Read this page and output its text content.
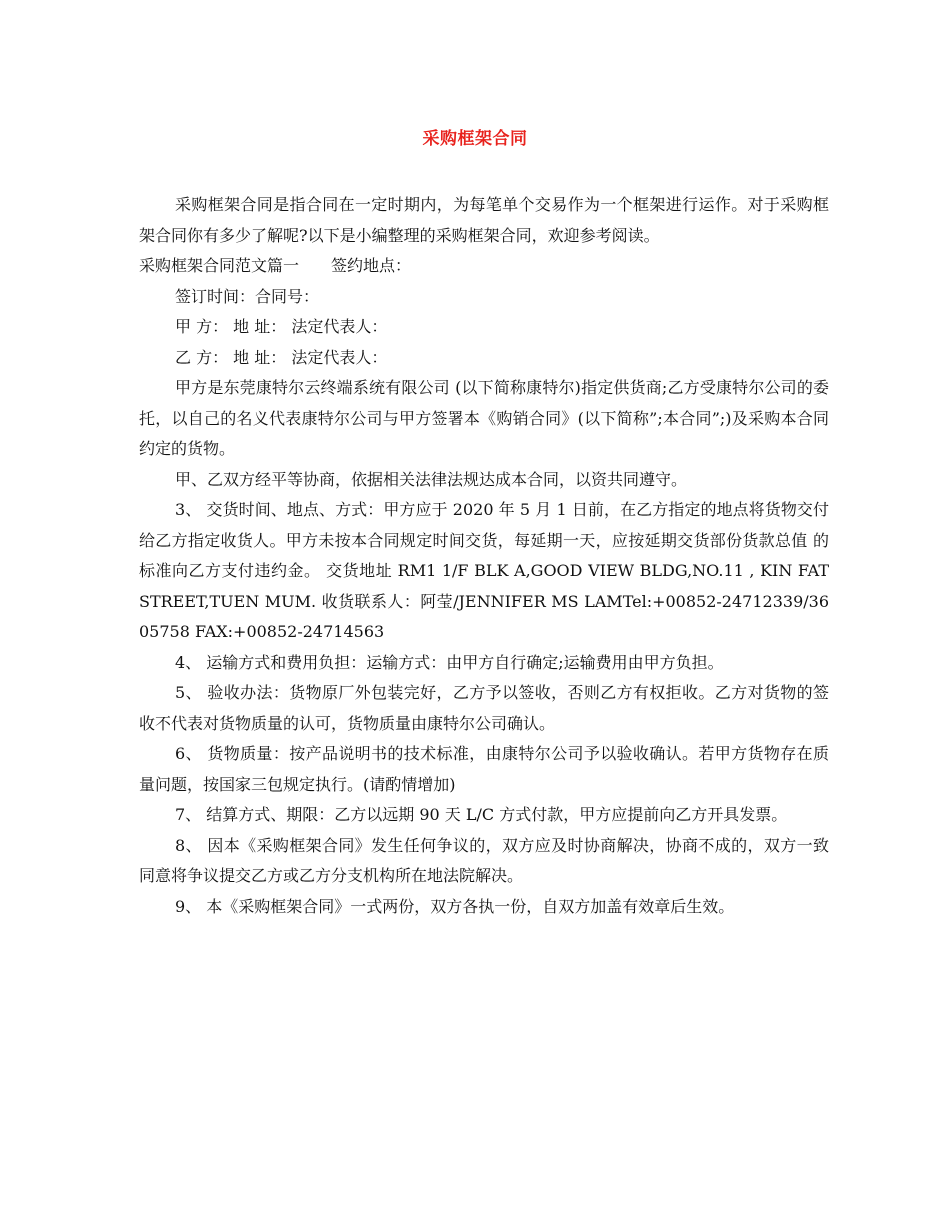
采购框架合同

采购框架合同是指合同在一定时期内，为每笔单个交易作为一个框架进行运作。对于采购框架合同你有多少了解呢?以下是小编整理的采购框架合同，欢迎参考阅读。

采购框架合同范文篇一　　签约地点：

签订时间：合同号：

甲 方： 地 址： 法定代表人：

乙 方： 地 址： 法定代表人：

甲方是东莞康特尔云终端系统有限公司 (以下简称康特尔)指定供货商;乙方受康特尔公司的委托，以自己的名义代表康特尔公司与甲方签署本《购销合同》(以下简称”;本合同”;)及采购本合同约定的货物。

甲、乙双方经平等协商，依据相关法律法规达成本合同，以资共同遵守。

3、 交货时间、地点、方式：甲方应于 2020 年 5 月 1 日前，在乙方指定的地点将货物交付给乙方指定收货人。甲方未按本合同规定时间交货，每延期一天，应按延期交货部份货款总值 的标准向乙方支付违约金。 交货地址 RM1 1/F BLK A,GOOD VIEW BLDG,NO.11 , KIN FAT STREET,TUEN MUM. 收货联系人：阿莹/JENNIFER MS LAMTel:+00852-24712339/3605758 FAX:+00852-24714563

4、 运输方式和费用负担：运输方式：由甲方自行确定;运输费用由甲方负担。

5、 验收办法：货物原厂外包装完好，乙方予以签收，否则乙方有权拒收。乙方对货物的签收不代表对货物质量的认可，货物质量由康特尔公司确认。

6、 货物质量：按产品说明书的技术标准，由康特尔公司予以验收确认。若甲方货物存在质量问题，按国家三包规定执行。(请酌情增加)

7、 结算方式、期限：乙方以远期 90 天 L/C 方式付款，甲方应提前向乙方开具发票。

8、 因本《采购框架合同》发生任何争议的，双方应及时协商解决，协商不成的，双方一致同意将争议提交乙方或乙方分支机构所在地法院解决。

9、 本《采购框架合同》一式两份，双方各执一份，自双方加盖有效章后生效。
